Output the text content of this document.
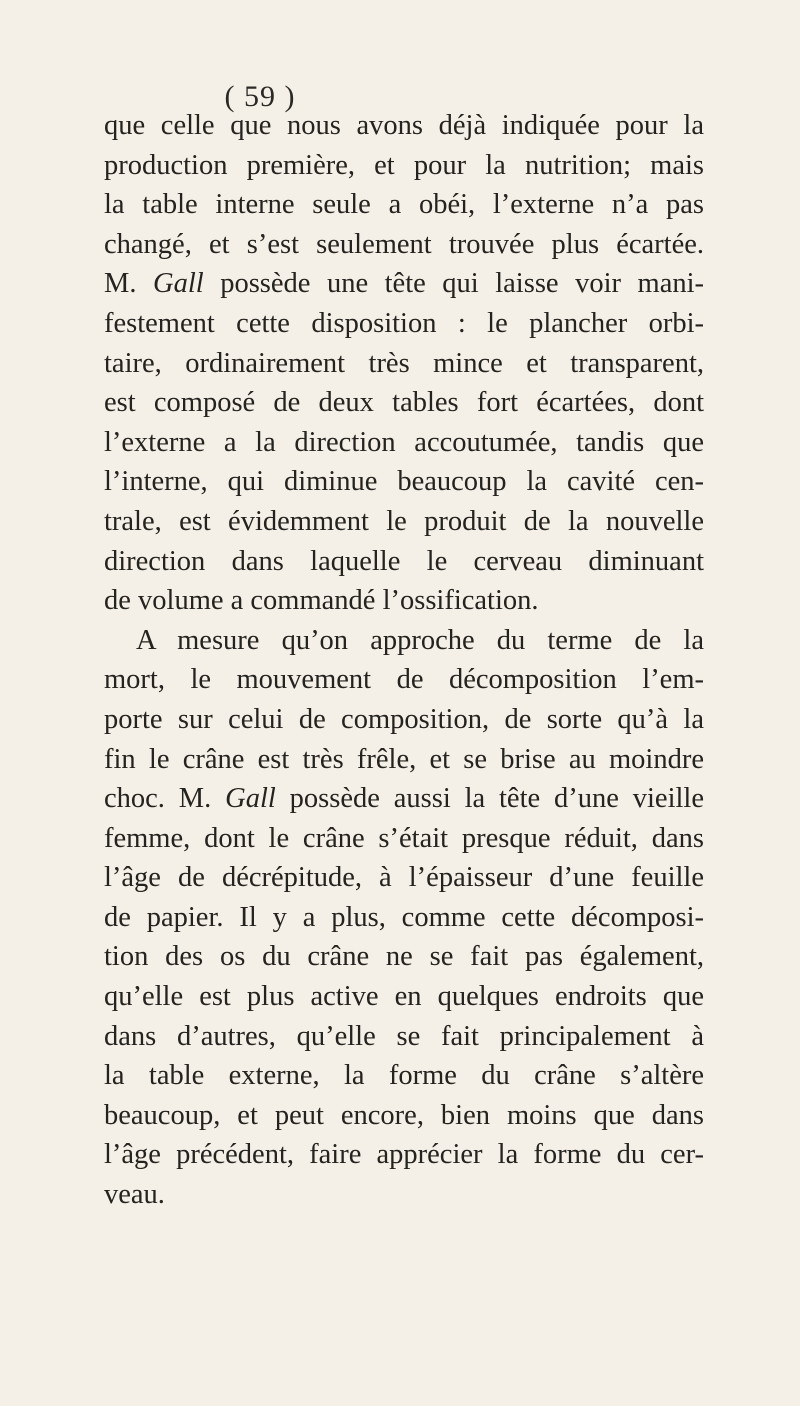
( 59 )
que celle que nous avons déjà indiquée pour la
production première, et pour la nutrition; mais
la table interne seule a obéi, l’externe n’a pas
changé, et s’est seulement trouvée plus écartée.
M. Gall possède une tête qui laisse voir mani-
festement cette disposition : le plancher orbi-
taire, ordinairement très mince et transparent,
est composé de deux tables fort écartées, dont
l’externe a la direction accoutumée, tandis que
l’interne, qui diminue beaucoup la cavité cen-
trale, est évidemment le produit de la nouvelle
direction dans laquelle le cerveau diminuant
de volume a commandé l’ossification.
A mesure qu’on approche du terme de la
mort, le mouvement de décomposition l’em-
porte sur celui de composition, de sorte qu’à la
fin le crâne est très frêle, et se brise au moindre
choc. M. Gall possède aussi la tête d’une vieille
femme, dont le crâne s’était presque réduit, dans
l’âge de décrépitude, à l’épaisseur d’une feuille
de papier. Il y a plus, comme cette décomposi-
tion des os du crâne ne se fait pas également,
qu’elle est plus active en quelques endroits que
dans d’autres, qu’elle se fait principalement à
la table externe, la forme du crâne s’altère
beaucoup, et peut encore, bien moins que dans
l’âge précédent, faire apprécier la forme du cer-
veau.
